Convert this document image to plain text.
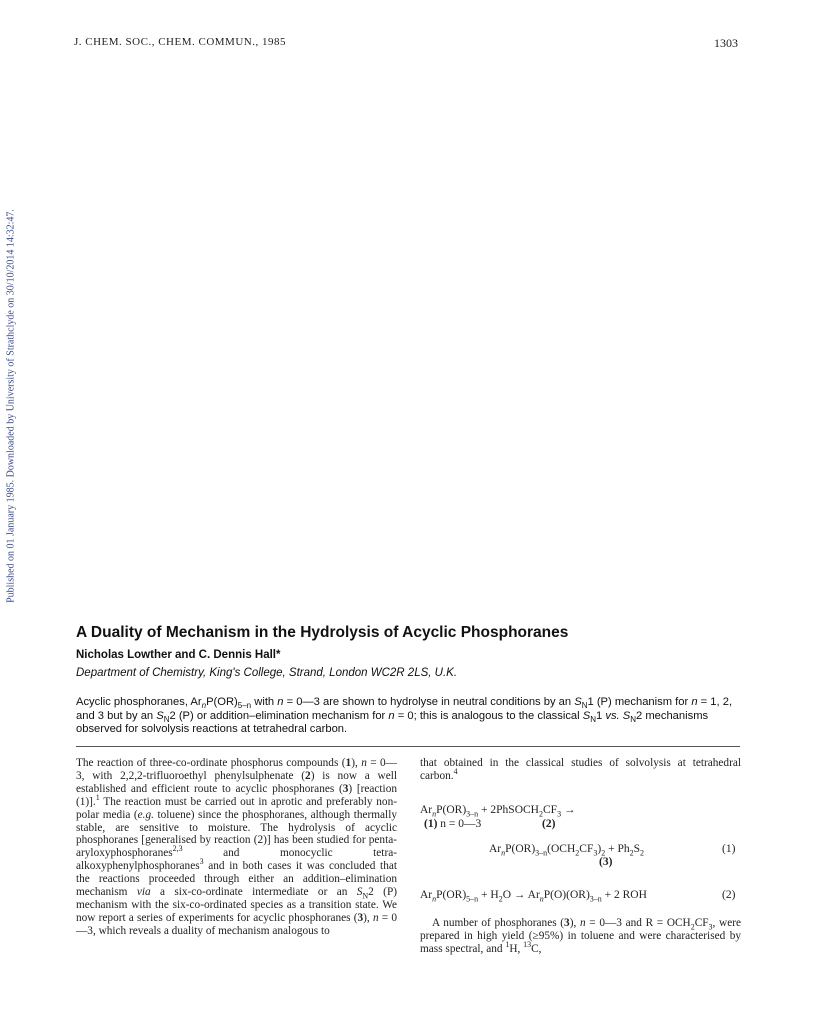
J. CHEM. SOC., CHEM. COMMUN., 1985	1303
Published on 01 January 1985. Downloaded by University of Strathclyde on 30/10/2014 14:32:47.
A Duality of Mechanism in the Hydrolysis of Acyclic Phosphoranes
Nicholas Lowther and C. Dennis Hall*
Department of Chemistry, King's College, Strand, London WC2R 2LS, U.K.

Acyclic phosphoranes, $Ar_nP(OR)_{5-n}$ with n = 0—3 are shown to hydrolyse in neutral conditions by an $S_N1$ (P) mechanism for n = 1, 2, and 3 but by an $S_N2$ (P) or addition–elimination mechanism for n = 0; this is analogous to the classical $S_N1$ vs. $S_N2$ mechanisms observed for solvolysis reactions at tetrahedral carbon.

The reaction of three-co-ordinate phosphorus compounds (1), n = 0—3, with 2,2,2-trifluoroethyl phenylsulphenate (2) is now a well established and efficient route to acyclic phosphoranes (3) [reaction (1)].$^1$ The reaction must be carried out in aprotic and preferably non-polar media (e.g. toluene) since the phosphoranes, although thermally stable, are sensitive to moisture. The hydrolysis of acyclic phosphoranes [generalised by reaction (2)] has been studied for penta-aryloxyphosphoranes$^{2,3}$ and monocyclic tetra-alkoxyphenylphosphoranes$^3$ and in both cases it was concluded that the reactions proceeded through either an addition–elimination mechanism via a six-co-ordinate intermediate or an $S_N2$ (P) mechanism with the six-co-ordinated species as a transition state. We now report a series of experiments for acyclic phosphoranes (3), n = 0—3, which reveals a duality of mechanism analogous to

that obtained in the classical studies of solvolysis at tetrahedral carbon.$^4$

$Ar_nP(OR)_{3-n}$ + $2PhSOCH_2CF_3$ →
(1) n = 0—3	(2)
$Ar_nP(OR)_{3-n}(OCH_2CF_3)_2 + Ph_2S_2$
(3)
(1)
$Ar_nP(OR)_{5-n} + H_2O \to Ar_nP(O)(OR)_{3-n} + 2$ ROH	(2)

A number of phosphoranes (3), n = 0—3 and $R = OCH_2CF_3$, were prepared in high yield (≥95%) in toluene and were characterised by mass spectral, and $^1$H, $^{13}$C,
